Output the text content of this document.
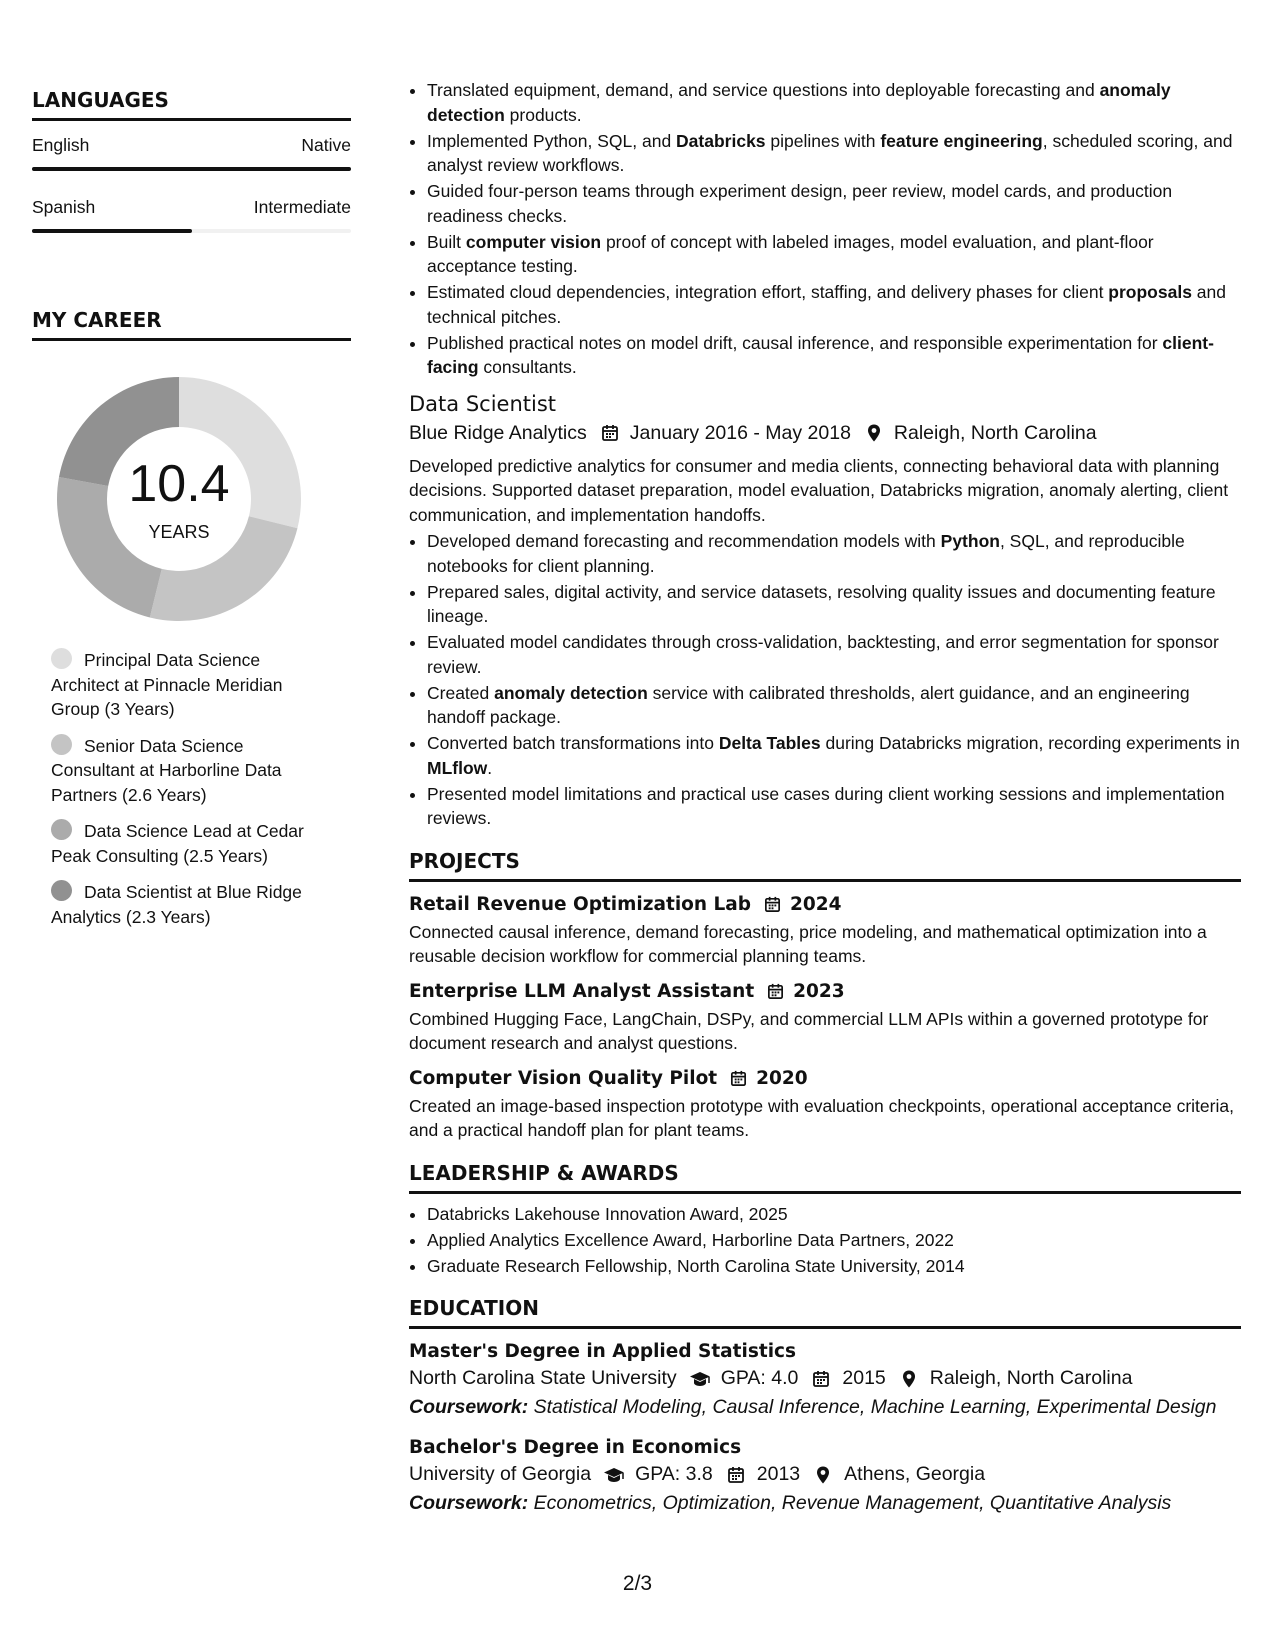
LANGUAGES
English	Native
Spanish	Intermediate
MY CAREER
10.4
YEARS
Principal Data Science Architect at Pinnacle Meridian Group (3 Years)
Senior Data Science Consultant at Harborline Data Partners (2.6 Years)
Data Science Lead at Cedar Peak Consulting (2.5 Years)
Data Scientist at Blue Ridge Analytics (2.3 Years)
• Translated equipment, demand, and service questions into deployable forecasting and anomaly detection products.
• Implemented Python, SQL, and Databricks pipelines with feature engineering, scheduled scoring, and analyst review workflows.
• Guided four-person teams through experiment design, peer review, model cards, and production readiness checks.
• Built computer vision proof of concept with labeled images, model evaluation, and plant-floor acceptance testing.
• Estimated cloud dependencies, integration effort, staffing, and delivery phases for client proposals and technical pitches.
• Published practical notes on model drift, causal inference, and responsible experimentation for client-facing consultants.
Data Scientist
Blue Ridge Analytics January 2016 - May 2018 Raleigh, North Carolina
Developed predictive analytics for consumer and media clients, connecting behavioral data with planning decisions. Supported dataset preparation, model evaluation, Databricks migration, anomaly alerting, client communication, and implementation handoffs.
• Developed demand forecasting and recommendation models with Python, SQL, and reproducible notebooks for client planning.
• Prepared sales, digital activity, and service datasets, resolving quality issues and documenting feature lineage.
• Evaluated model candidates through cross-validation, backtesting, and error segmentation for sponsor review.
• Created anomaly detection service with calibrated thresholds, alert guidance, and an engineering handoff package.
• Converted batch transformations into Delta Tables during Databricks migration, recording experiments in MLflow.
• Presented model limitations and practical use cases during client working sessions and implementation reviews.
PROJECTS
Retail Revenue Optimization Lab 2024
Connected causal inference, demand forecasting, price modeling, and mathematical optimization into a reusable decision workflow for commercial planning teams.
Enterprise LLM Analyst Assistant 2023
Combined Hugging Face, LangChain, DSPy, and commercial LLM APIs within a governed prototype for document research and analyst questions.
Computer Vision Quality Pilot 2020
Created an image-based inspection prototype with evaluation checkpoints, operational acceptance criteria, and a practical handoff plan for plant teams.
LEADERSHIP & AWARDS
• Databricks Lakehouse Innovation Award, 2025
• Applied Analytics Excellence Award, Harborline Data Partners, 2022
• Graduate Research Fellowship, North Carolina State University, 2014
EDUCATION
Master's Degree in Applied Statistics
North Carolina State University GPA: 4.0 2015 Raleigh, North Carolina
Coursework: Statistical Modeling, Causal Inference, Machine Learning, Experimental Design
Bachelor's Degree in Economics
University of Georgia GPA: 3.8 2013 Athens, Georgia
Coursework: Econometrics, Optimization, Revenue Management, Quantitative Analysis
2/3
